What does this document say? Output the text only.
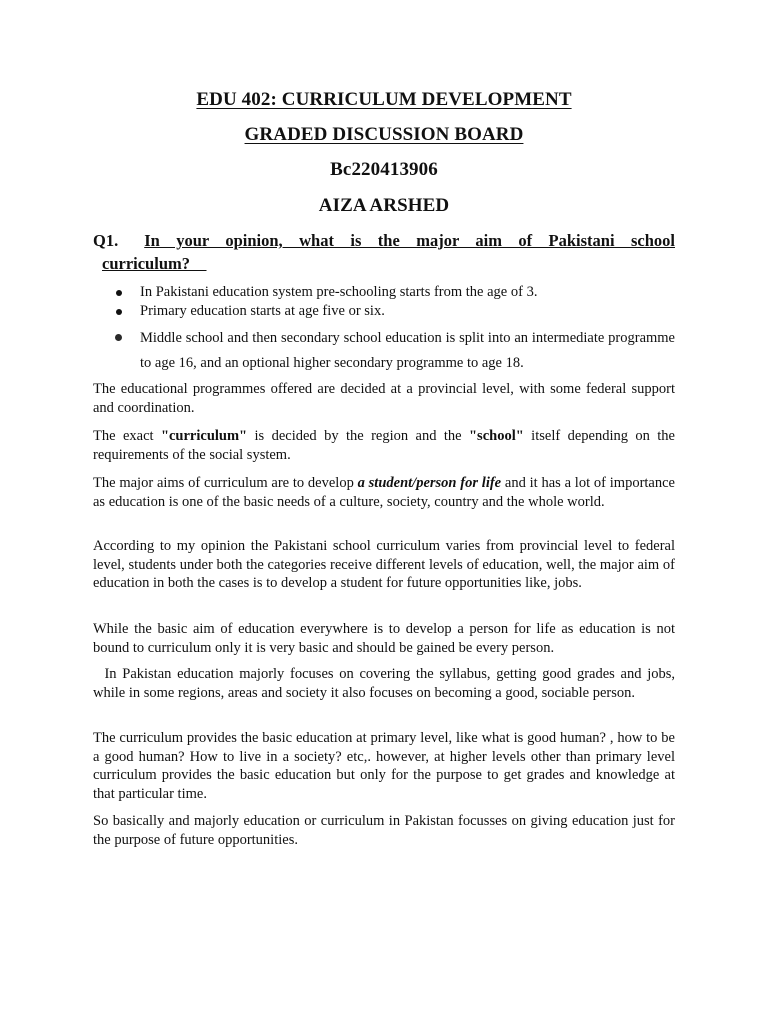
EDU 402: CURRICULUM DEVELOPMENT
GRADED DISCUSSION BOARD
Bc220413906
AIZA ARSHED
Q1. In your opinion, what is the major aim of Pakistani school
curriculum?
In Pakistani education system pre-schooling starts from the age of 3.
Primary education starts at age five or six.
Middle school and then secondary school education is split into an intermediate programme to age 16, and an optional higher secondary programme to age 18.
The educational programmes offered are decided at a provincial level, with some federal support and coordination.
The exact "curriculum" is decided by the region and the "school" itself depending on the requirements of the social system.
The major aims of curriculum are to develop a student/person for life and it has a lot of importance as education is one of the basic needs of a culture, society, country and the whole world.
According to my opinion the Pakistani school curriculum varies from provincial level to federal level, students under both the categories receive different levels of education, well, the major aim of education in both the cases is to develop a student for future opportunities like, jobs.
While the basic aim of education everywhere is to develop a person for life as education is not bound to curriculum only it is very basic and should be gained be every person.
In Pakistan education majorly focuses on covering the syllabus, getting good grades and jobs, while in some regions, areas and society it also focuses on becoming a good, sociable person.
The curriculum provides the basic education at primary level, like what is good human? , how to be a good human? How to live in a society? etc,. however, at higher levels other than primary level curriculum provides the basic education but only for the purpose to get grades and knowledge at that particular time.
So basically and majorly education or curriculum in Pakistan focusses on giving education just for the purpose of future opportunities.
